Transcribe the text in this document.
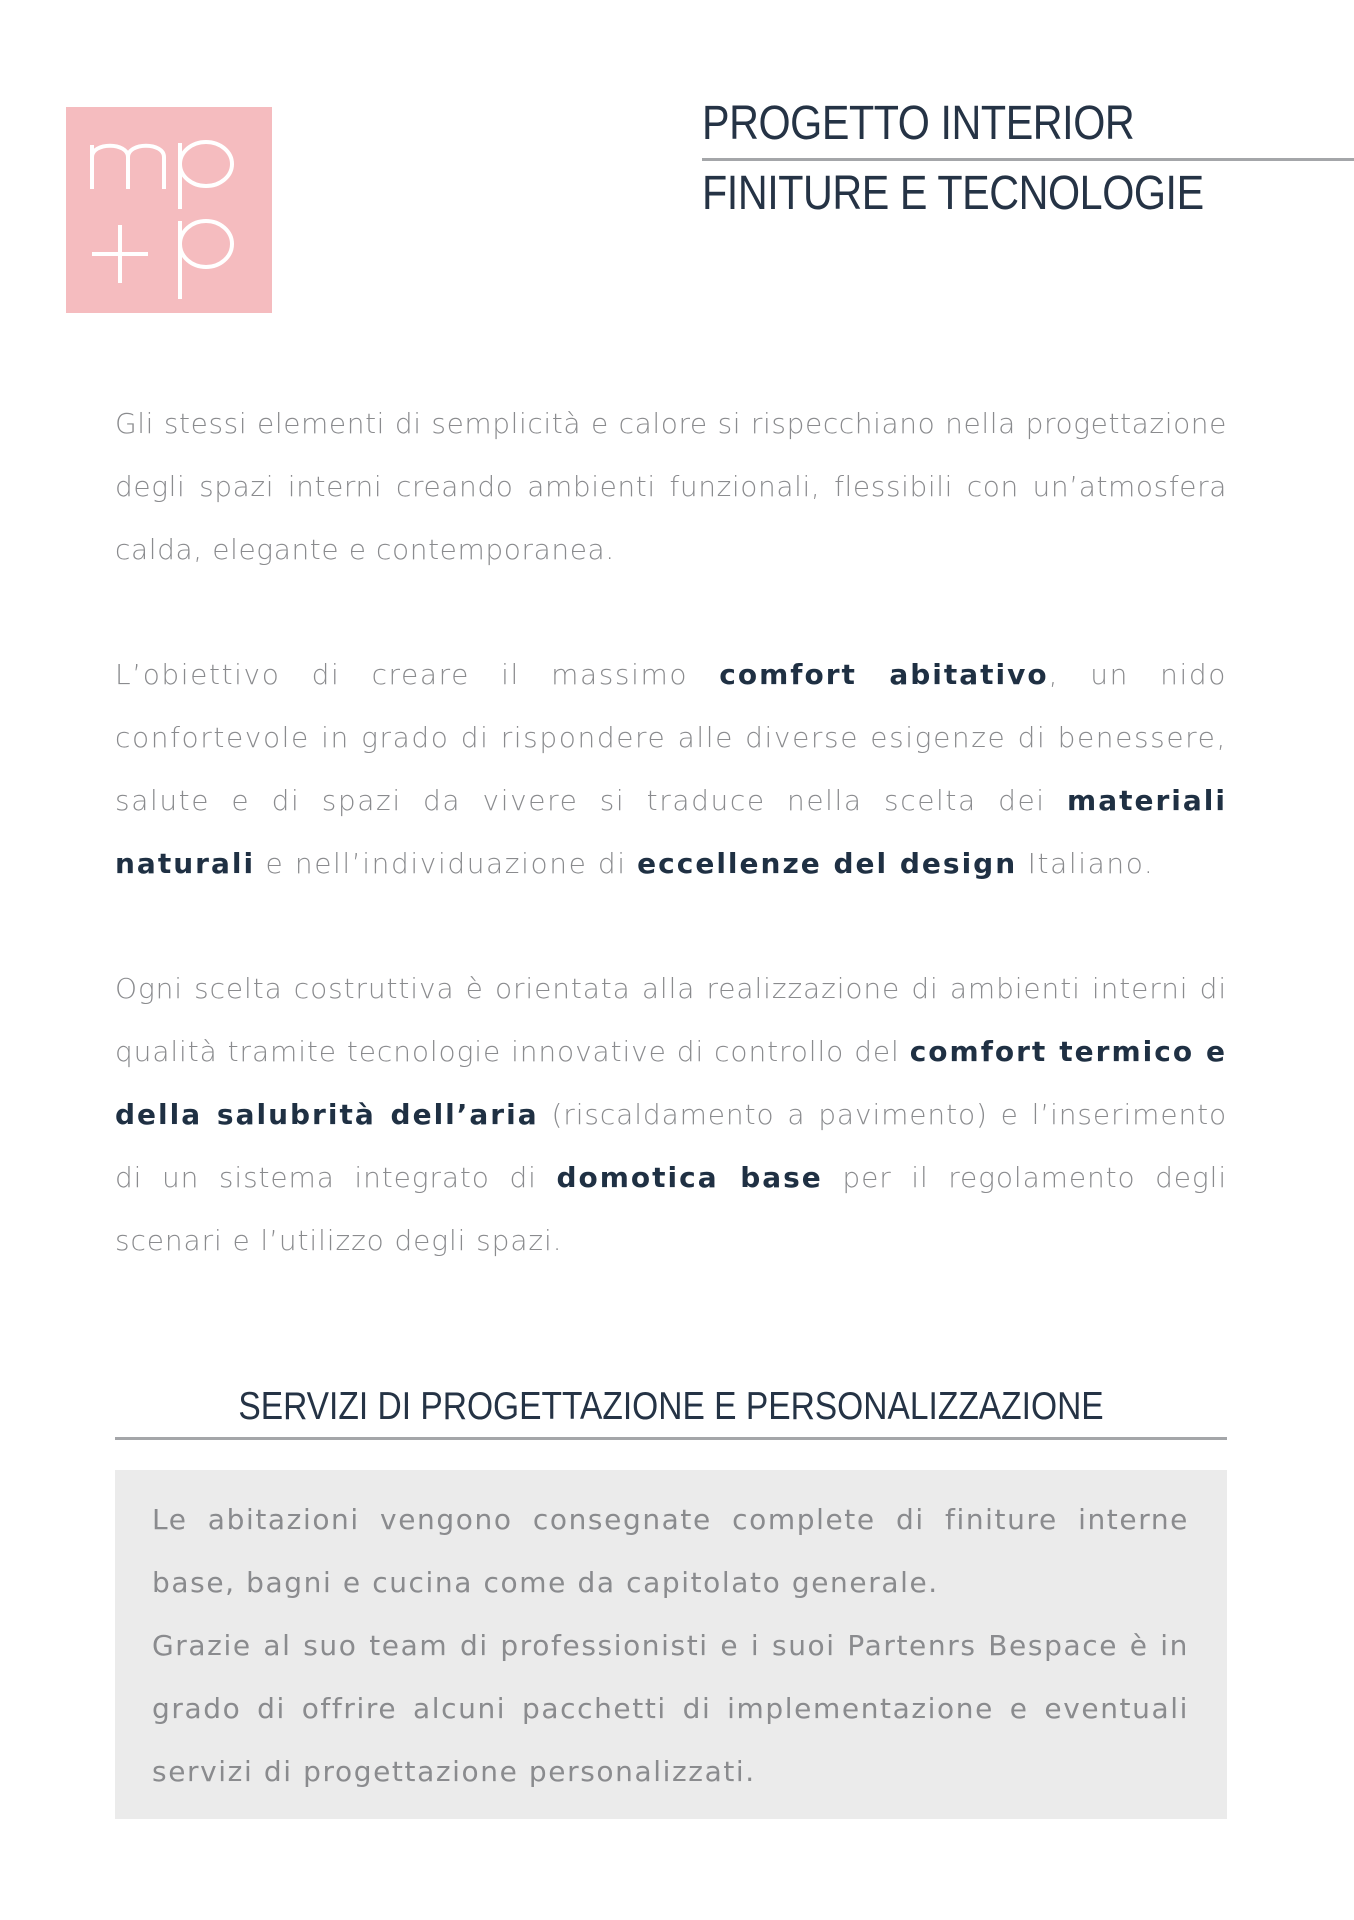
PROGETTO INTERIOR
FINITURE E TECNOLOGIE

Gli stessi elementi di semplicità e calore si rispecchiano nella progettazione degli spazi interni creando ambienti funzionali, flessibili con un’atmosfera calda, elegante e contemporanea.

L’obiettivo di creare il massimo comfort abitativo, un nido confortevole in grado di rispondere alle diverse esigenze di benessere, salute e di spazi da vivere si traduce nella scelta dei materiali naturali e nell’individuazione di eccellenze del design Italiano.

Ogni scelta costruttiva è orientata alla realizzazione di ambienti interni di qualità tramite tecnologie innovative di controllo del comfort termico e della salubrità dell’aria (riscaldamento a pavimento) e l’inserimento di un sistema integrato di domotica base per il regolamento degli scenari e l’utilizzo degli spazi.

SERVIZI DI PROGETTAZIONE E PERSONALIZZAZIONE

Le abitazioni vengono consegnate complete di finiture interne base, bagni e cucina come da capitolato generale.

Grazie al suo team di professionisti e i suoi Partenrs Bespace è in grado di offrire alcuni pacchetti di implementazione e eventuali servizi di progettazione personalizzati.
